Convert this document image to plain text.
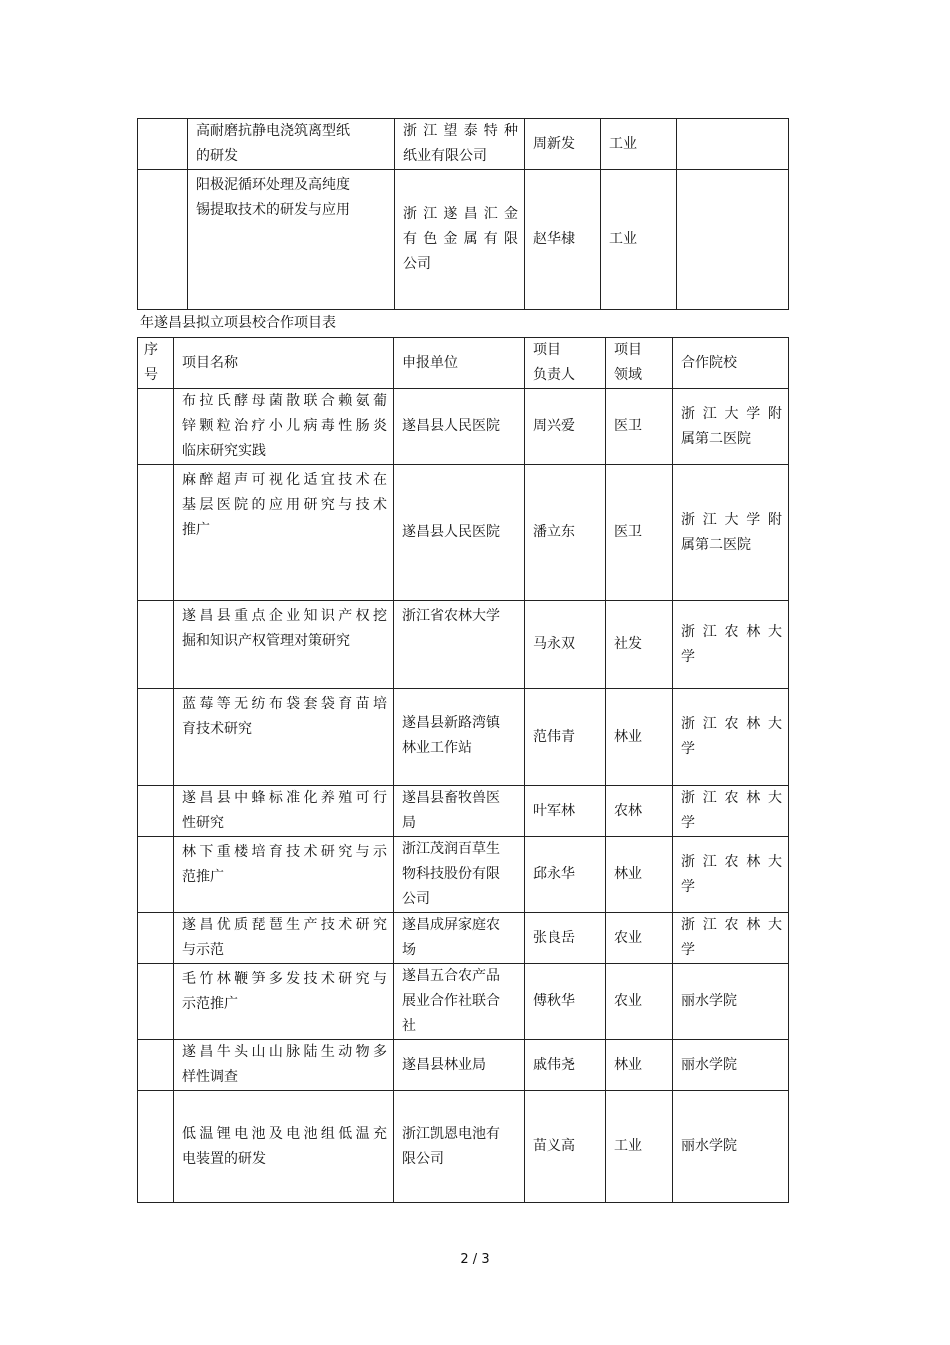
	高耐磨抗静电浇筑离型纸
的研发	浙 江 望 泰 特 种
纸业有限公司	周新发	工业	

	阳极泥循环处理及高纯度
锡提取技术的研发与应用	浙 江 遂 昌 汇 金
有 色 金 属 有 限
公司	赵华棣	工业	
年遂昌县拟立项县校合作项目表
序
号	项目名称	申报单位	项目
负责人	项目
领域	合作院校

	布拉氏酵母菌散联合赖氨葡
锌颗粒治疗小儿病毒性肠炎
临床研究实践	遂昌县人民医院	周兴爱	医卫	浙 江 大 学 附
属第二医院

	麻醉超声可视化适宜技术在
基层医院的应用研究与技术
推广	遂昌县人民医院	潘立东	医卫	浙 江 大 学 附
属第二医院

	遂昌县重点企业知识产权挖
掘和知识产权管理对策研究	浙江省农林大学	马永双	社发	浙 江 农 林 大
学

	蓝莓等无纺布袋套袋育苗培
育技术研究	遂昌县新路湾镇
林业工作站	范伟青	林业	浙 江 农 林 大
学

	遂昌县中蜂标准化养殖可行
性研究	遂昌县畜牧兽医
局	叶军林	农林	浙 江 农 林 大
学

	林下重楼培育技术研究与示
范推广	浙江茂润百草生
物科技股份有限
公司	邱永华	林业	浙 江 农 林 大
学

	遂昌优质琵琶生产技术研究
与示范	遂昌成屏家庭农
场	张良岳	农业	浙 江 农 林 大
学

	毛竹林鞭笋多发技术研究与
示范推广	遂昌五合农产品
展业合作社联合
社	傅秋华	农业	丽水学院

	遂昌牛头山山脉陆生动物多
样性调查	遂昌县林业局	戚伟尧	林业	丽水学院

	低温锂电池及电池组低温充
电装置的研发	浙江凯恩电池有
限公司	苗义高	工业	丽水学院
2 / 3
